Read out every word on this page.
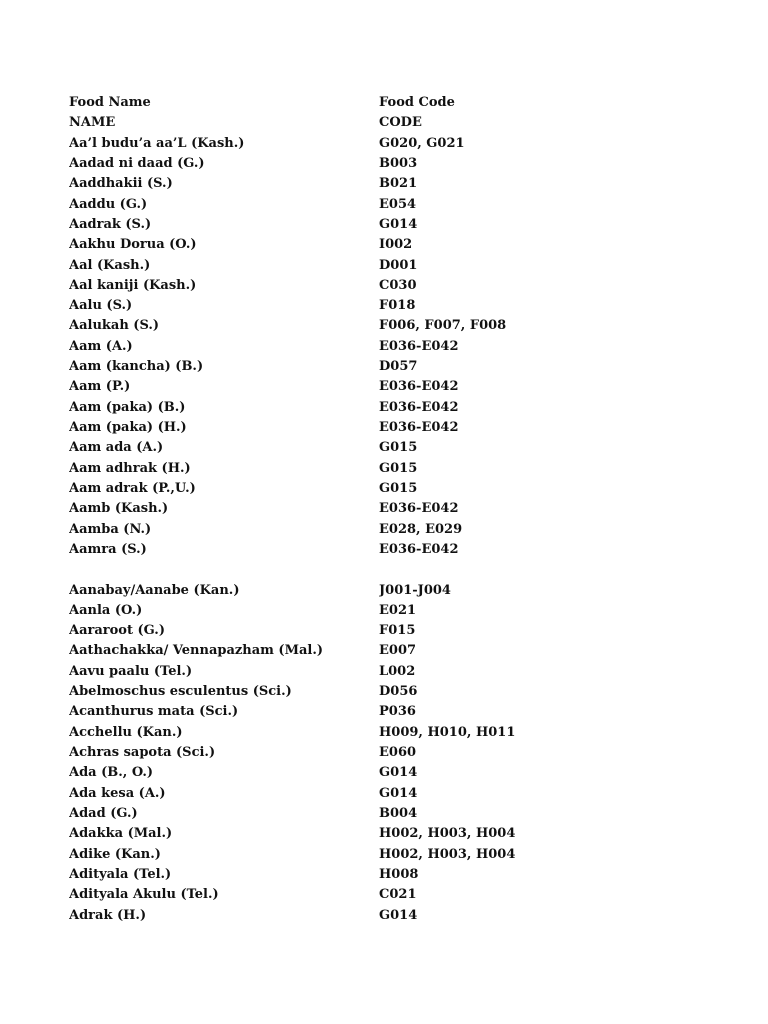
Food Name	Food Code
NAME	CODE
Aa’l budu’a aa’L (Kash.)	G020, G021
Aadad ni daad (G.)	B003
Aaddhakii (S.)	B021
Aaddu (G.)	E054
Aadrak (S.)	G014
Aakhu Dorua (O.)	I002
Aal (Kash.)	D001
Aal kaniji (Kash.)	C030
Aalu (S.)	F018
Aalukah (S.)	F006, F007, F008
Aam (A.)	E036-E042
Aam (kancha) (B.)	D057
Aam (P.)	E036-E042
Aam (paka) (B.)	E036-E042
Aam (paka) (H.)	E036-E042
Aam ada (A.)	G015
Aam adhrak (H.)	G015
Aam adrak (P.,U.)	G015
Aamb (Kash.)	E036-E042
Aamba (N.)	E028, E029
Aamra (S.)	E036-E042
Aanabay/Aanabe (Kan.)	J001-J004
Aanla (O.)	E021
Aararoot (G.)	F015
Aathachakka/ Vennapazham (Mal.)	E007
Aavu paalu (Tel.)	L002
Abelmoschus esculentus (Sci.)	D056
Acanthurus mata (Sci.)	P036
Acchellu (Kan.)	H009, H010, H011
Achras sapota (Sci.)	E060
Ada (B., O.)	G014
Ada kesa (A.)	G014
Adad (G.)	B004
Adakka (Mal.)	H002, H003, H004
Adike (Kan.)	H002, H003, H004
Adityala (Tel.)	H008
Adityala Akulu (Tel.)	C021
Adrak (H.)	G014
